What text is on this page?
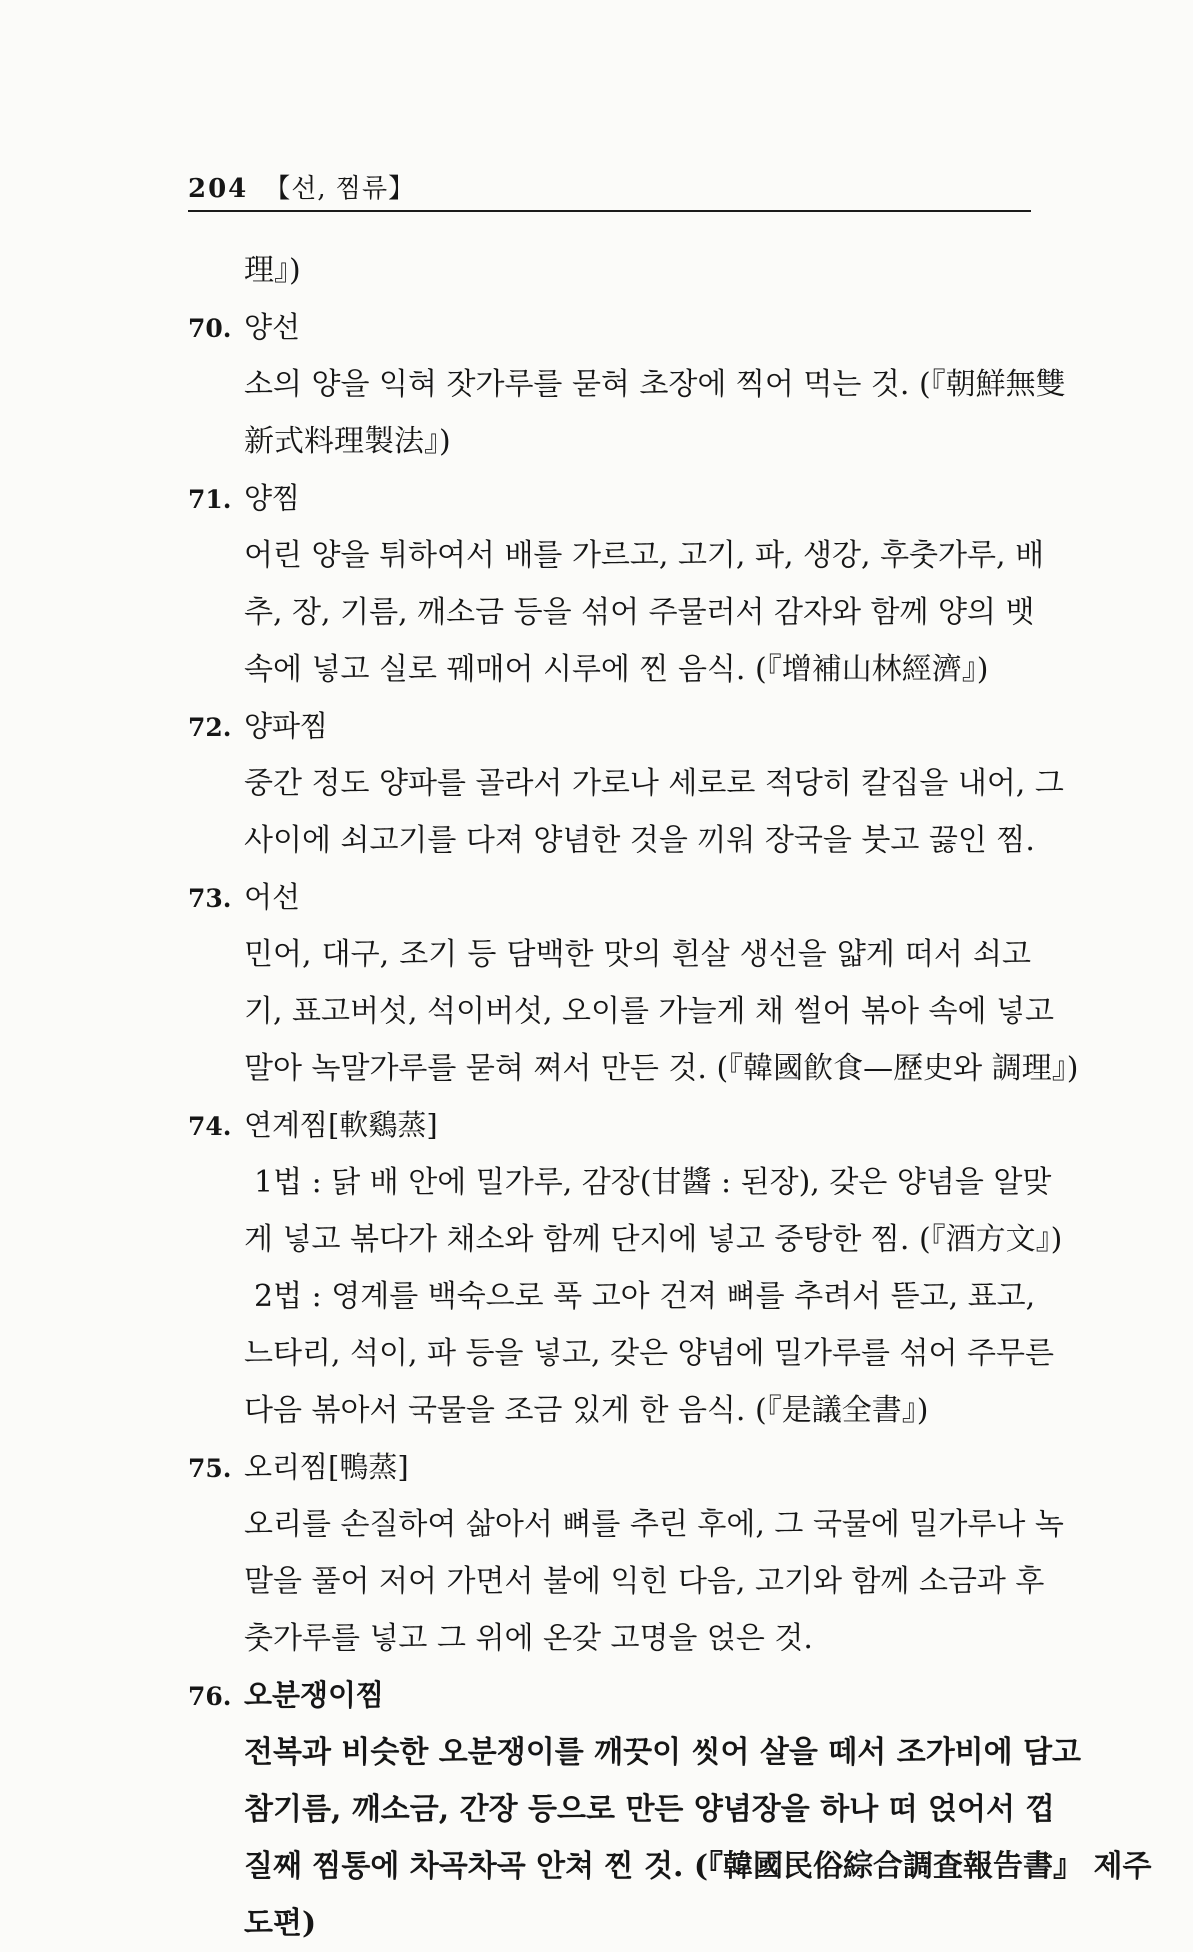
204 【선, 찜류】
理』)
70. 양선
소의 양을 익혀 잣가루를 묻혀 초장에 찍어 먹는 것. (『朝鮮無雙
新式料理製法』)
71. 양찜
어린 양을 튀하여서 배를 가르고, 고기, 파, 생강, 후춧가루, 배
추, 장, 기름, 깨소금 등을 섞어 주물러서 감자와 함께 양의 뱃
속에 넣고 실로 꿰매어 시루에 찐 음식. (『增補山林經濟』)
72. 양파찜
중간 정도 양파를 골라서 가로나 세로로 적당히 칼집을 내어, 그
사이에 쇠고기를 다져 양념한 것을 끼워 장국을 붓고 끓인 찜.
73. 어선
민어, 대구, 조기 등 담백한 맛의 흰살 생선을 얇게 떠서 쇠고
기, 표고버섯, 석이버섯, 오이를 가늘게 채 썰어 볶아 속에 넣고
말아 녹말가루를 묻혀 쪄서 만든 것. (『韓國飮食—歷史와 調理』)
74. 연계찜[軟鷄蒸]
1법 : 닭 배 안에 밀가루, 감장(甘醬 : 된장), 갖은 양념을 알맞
게 넣고 볶다가 채소와 함께 단지에 넣고 중탕한 찜. (『酒方文』)
2법 : 영계를 백숙으로 푹 고아 건져 뼈를 추려서 뜯고, 표고,
느타리, 석이, 파 등을 넣고, 갖은 양념에 밀가루를 섞어 주무른
다음 볶아서 국물을 조금 있게 한 음식. (『是議全書』)
75. 오리찜[鴨蒸]
오리를 손질하여 삶아서 뼈를 추린 후에, 그 국물에 밀가루나 녹
말을 풀어 저어 가면서 불에 익힌 다음, 고기와 함께 소금과 후
춧가루를 넣고 그 위에 온갖 고명을 얹은 것.
76. 오분쟁이찜
전복과 비슷한 오분쟁이를 깨끗이 씻어 살을 떼서 조가비에 담고
참기름, 깨소금, 간장 등으로 만든 양념장을 하나 떠 얹어서 껍
질째 찜통에 차곡차곡 안쳐 찐 것. (『韓國民俗綜合調査報告書』 제주
도편)
